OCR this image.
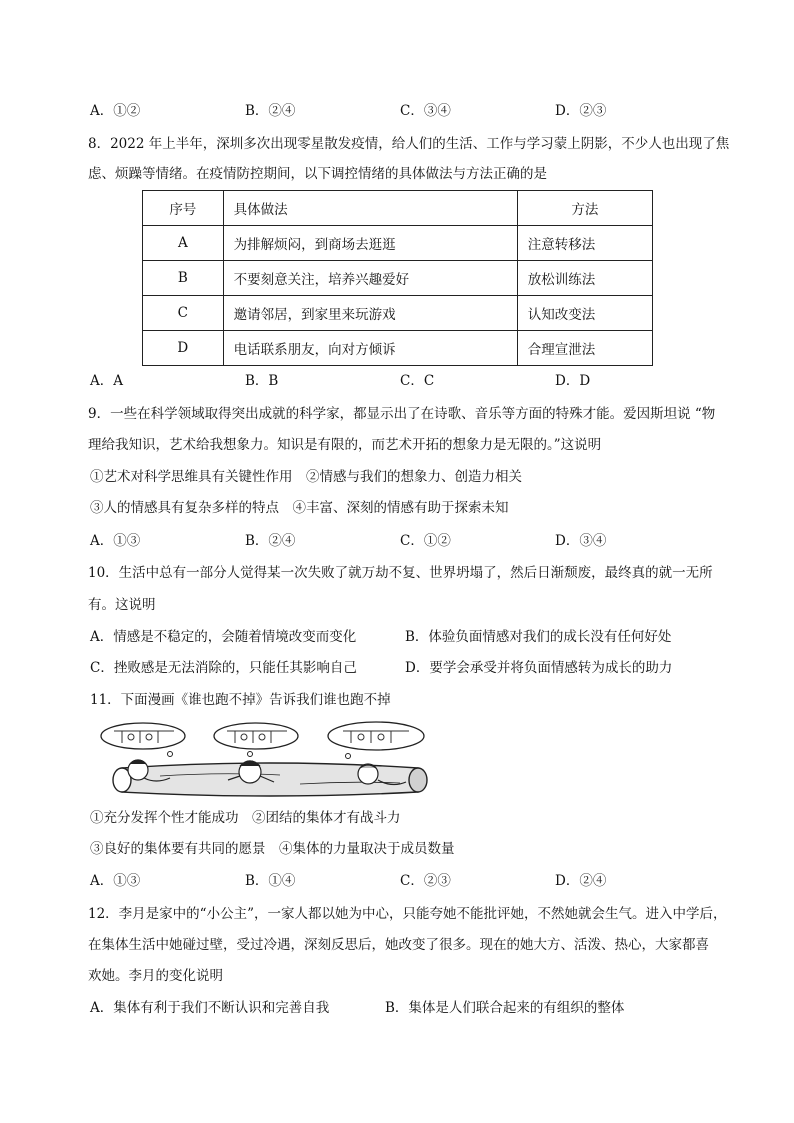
A．①②	B．②④	C．③④	D．②③
8．2022 年上半年，深圳多次出现零星散发疫情，给人们的生活、工作与学习蒙上阴影，不少人也出现了焦
虑、烦躁等情绪。在疫情防控期间，以下调控情绪的具体做法与方法正确的是
序号	具体做法	方法
A	为排解烦闷，到商场去逛逛	注意转移法
B	不要刻意关注，培养兴趣爱好	放松训练法
C	邀请邻居，到家里来玩游戏	认知改变法
D	电话联系朋友，向对方倾诉	合理宣泄法
A．A	B．B	C．C	D．D
9．一些在科学领域取得突出成就的科学家，都显示出了在诗歌、音乐等方面的特殊才能。爱因斯坦说 “物
理给我知识，艺术给我想象力。知识是有限的，而艺术开拓的想象力是无限的。”这说明
①艺术对科学思维具有关键性作用　②情感与我们的想象力、创造力相关
③人的情感具有复杂多样的特点　④丰富、深刻的情感有助于探索未知
A．①③	B．②④	C．①②	D．③④
10．生活中总有一部分人觉得某一次失败了就万劫不复、世界坍塌了，然后日渐颓废，最终真的就一无所
有。这说明
A．情感是不稳定的，会随着情境改变而变化	B．体验负面情感对我们的成长没有任何好处
C．挫败感是无法消除的，只能任其影响自己	D．要学会承受并将负面情感转为成长的助力
11．下面漫画《谁也跑不掉》告诉我们谁也跑不掉
①充分发挥个性才能成功　②团结的集体才有战斗力
③良好的集体要有共同的愿景　④集体的力量取决于成员数量
A．①③	B．①④	C．②③	D．②④
12．李月是家中的“小公主”，一家人都以她为中心，只能夸她不能批评她，不然她就会生气。进入中学后，
在集体生活中她碰过壁，受过冷遇，深刻反思后，她改变了很多。现在的她大方、活泼、热心，大家都喜
欢她。李月的变化说明
A．集体有利于我们不断认识和完善自我	B．集体是人们联合起来的有组织的整体
